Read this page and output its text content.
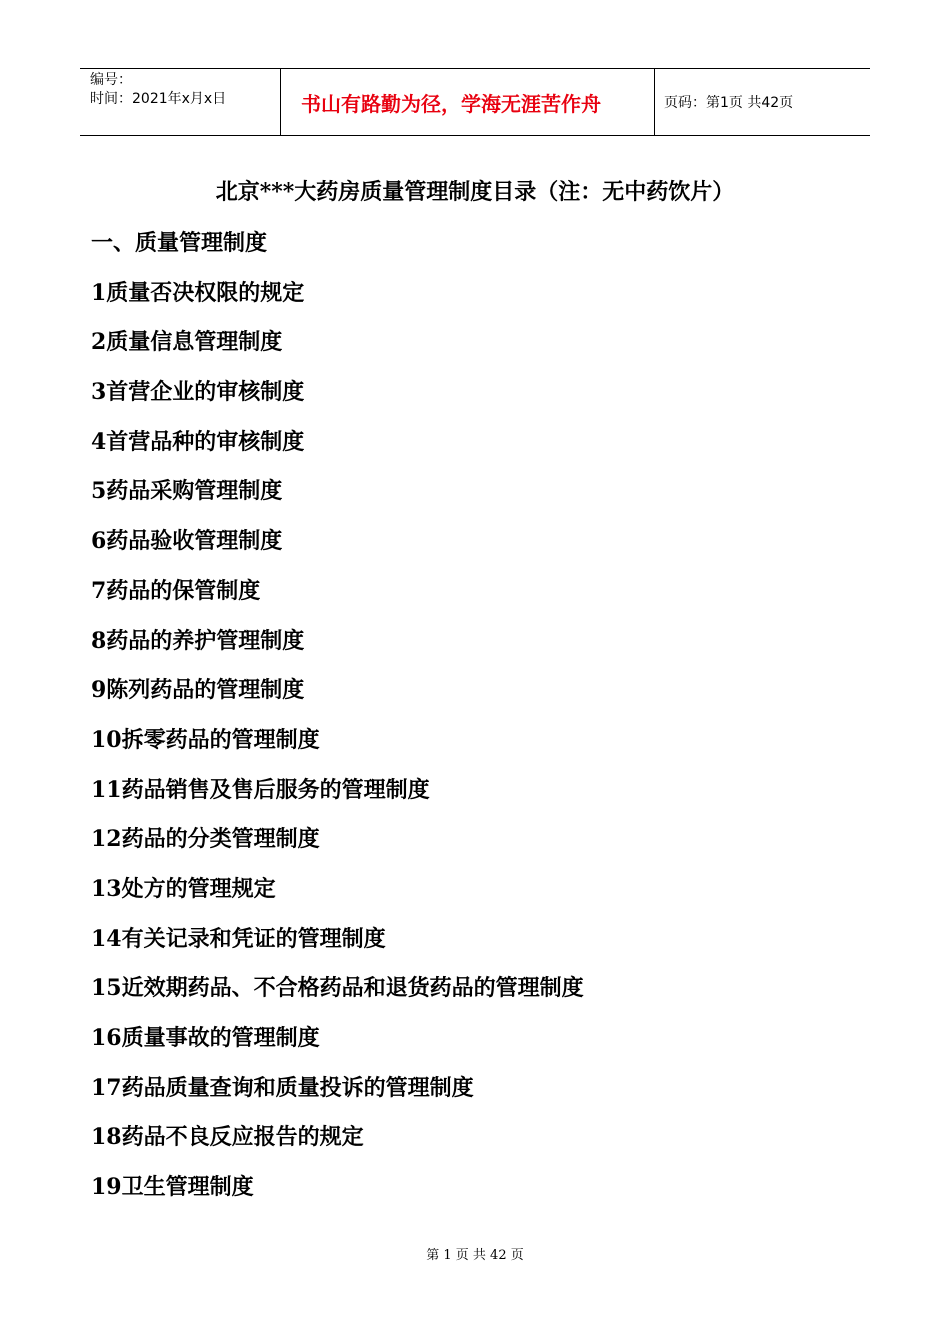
编号：
时间：2021年x月x日	书山有路勤为径，学海无涯苦作舟	页码：第1页 共42页
北京***大药房质量管理制度目录（注：无中药饮片）
一、质量管理制度
1质量否决权限的规定
2质量信息管理制度
3首营企业的审核制度
4首营品种的审核制度
5药品采购管理制度
6药品验收管理制度
7药品的保管制度
8药品的养护管理制度
9陈列药品的管理制度
10拆零药品的管理制度
11药品销售及售后服务的管理制度
12药品的分类管理制度
13处方的管理规定
14有关记录和凭证的管理制度
15近效期药品、不合格药品和退货药品的管理制度
16质量事故的管理制度
17药品质量查询和质量投诉的管理制度
18药品不良反应报告的规定
19卫生管理制度
第 1 页 共 42 页
